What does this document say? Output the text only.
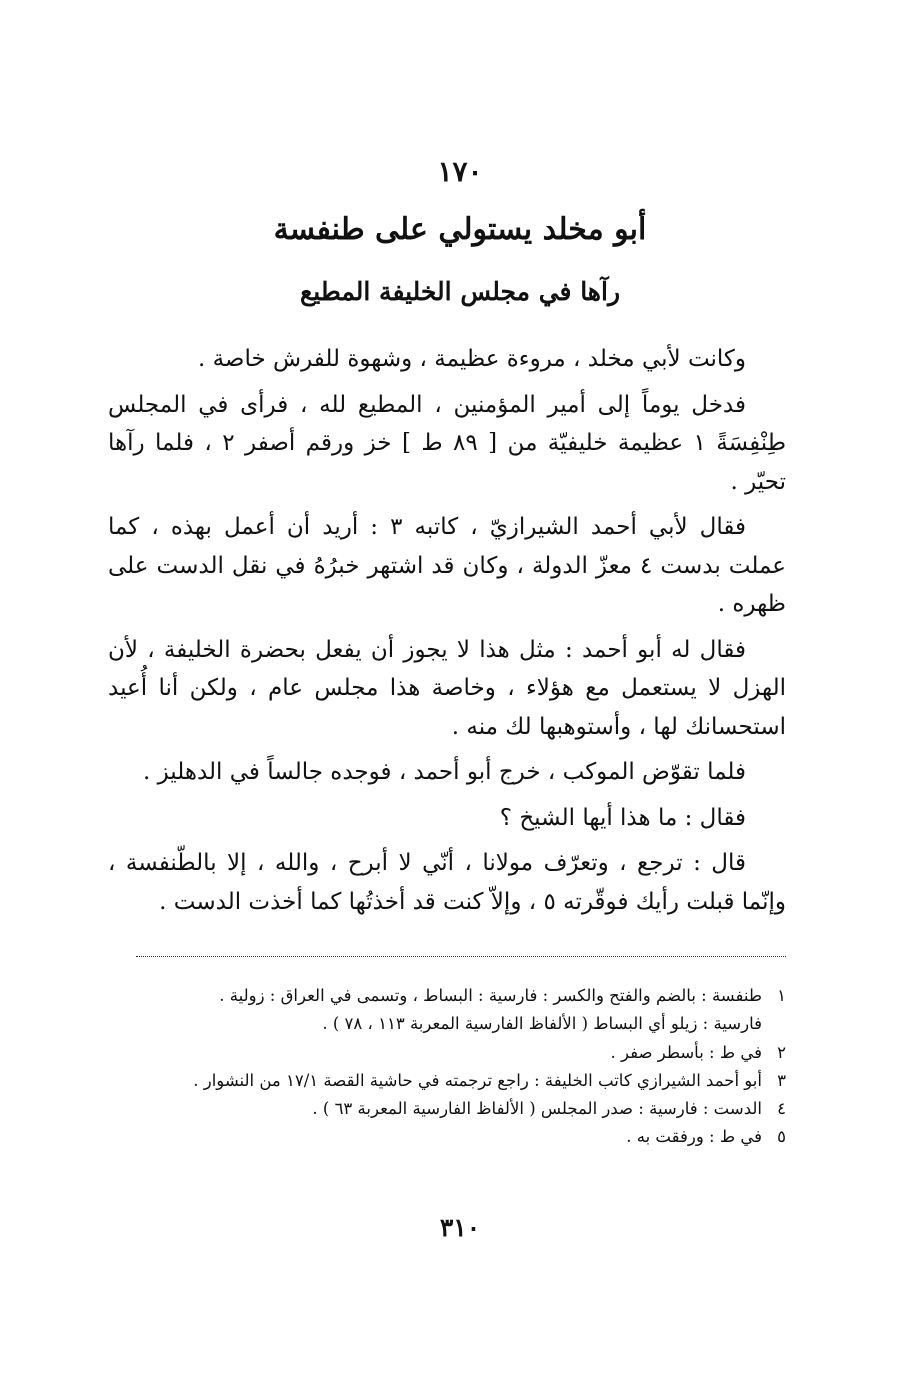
١٧٠
أبو مخلد يستولي على طنفسة
رآها في مجلس الخليفة المطيع

وكانت لأبي مخلد ، مروءة عظيمة ، وشهوة للفرش خاصة .

فدخل يوماً إلى أمير المؤمنين ، المطيع لله ، فرأى في المجلس طِنْفِسَةً ١ عظيمة خليفيّة من [ ٨٩ ط ] خز ورقم أصفر ٢ ، فلما رآها تحيّر .

فقال لأبي أحمد الشيرازيّ ، كاتبه ٣ : أريد أن أعمل بهذه ، كما عملت بدست ٤ معزّ الدولة ، وكان قد اشتهر خبرُهُ في نقل الدست على ظهره .

فقال له أبو أحمد : مثل هذا لا يجوز أن يفعل بحضرة الخليفة ، لأن الهزل لا يستعمل مع هؤلاء ، وخاصة هذا مجلس عام ، ولكن أنا أُعيد استحسانك لها ، وأستوهبها لك منه .

فلما تقوّض الموكب ، خرج أبو أحمد ، فوجده جالساً في الدهليز .

فقال : ما هذا أيها الشيخ ؟

قال : ترجع ، وتعرّف مولانا ، أنّي لا أبرح ، والله ، إلا بالطّنفسة ، وإنّما قبلت رأيك فوقّرته ٥ ، وإلاّ كنت قد أخذتُها كما أخذت الدست .

١
طنفسة : بالضم والفتح والكسر : فارسية : البساط ، وتسمى في العراق : زولية .
فارسية : زيلو أي البساط ( الألفاظ الفارسية المعربة ١١٣ ، ٧٨ ) .
٢
في ط : بأسطر صفر .
٣
أبو أحمد الشيرازي كاتب الخليفة : راجع ترجمته في حاشية القصة ١٧/١ من النشوار .
٤
الدست : فارسية : صدر المجلس ( الألفاظ الفارسية المعربة ٦٣ ) .
٥
في ط : ورفقت به .
٣١٠
